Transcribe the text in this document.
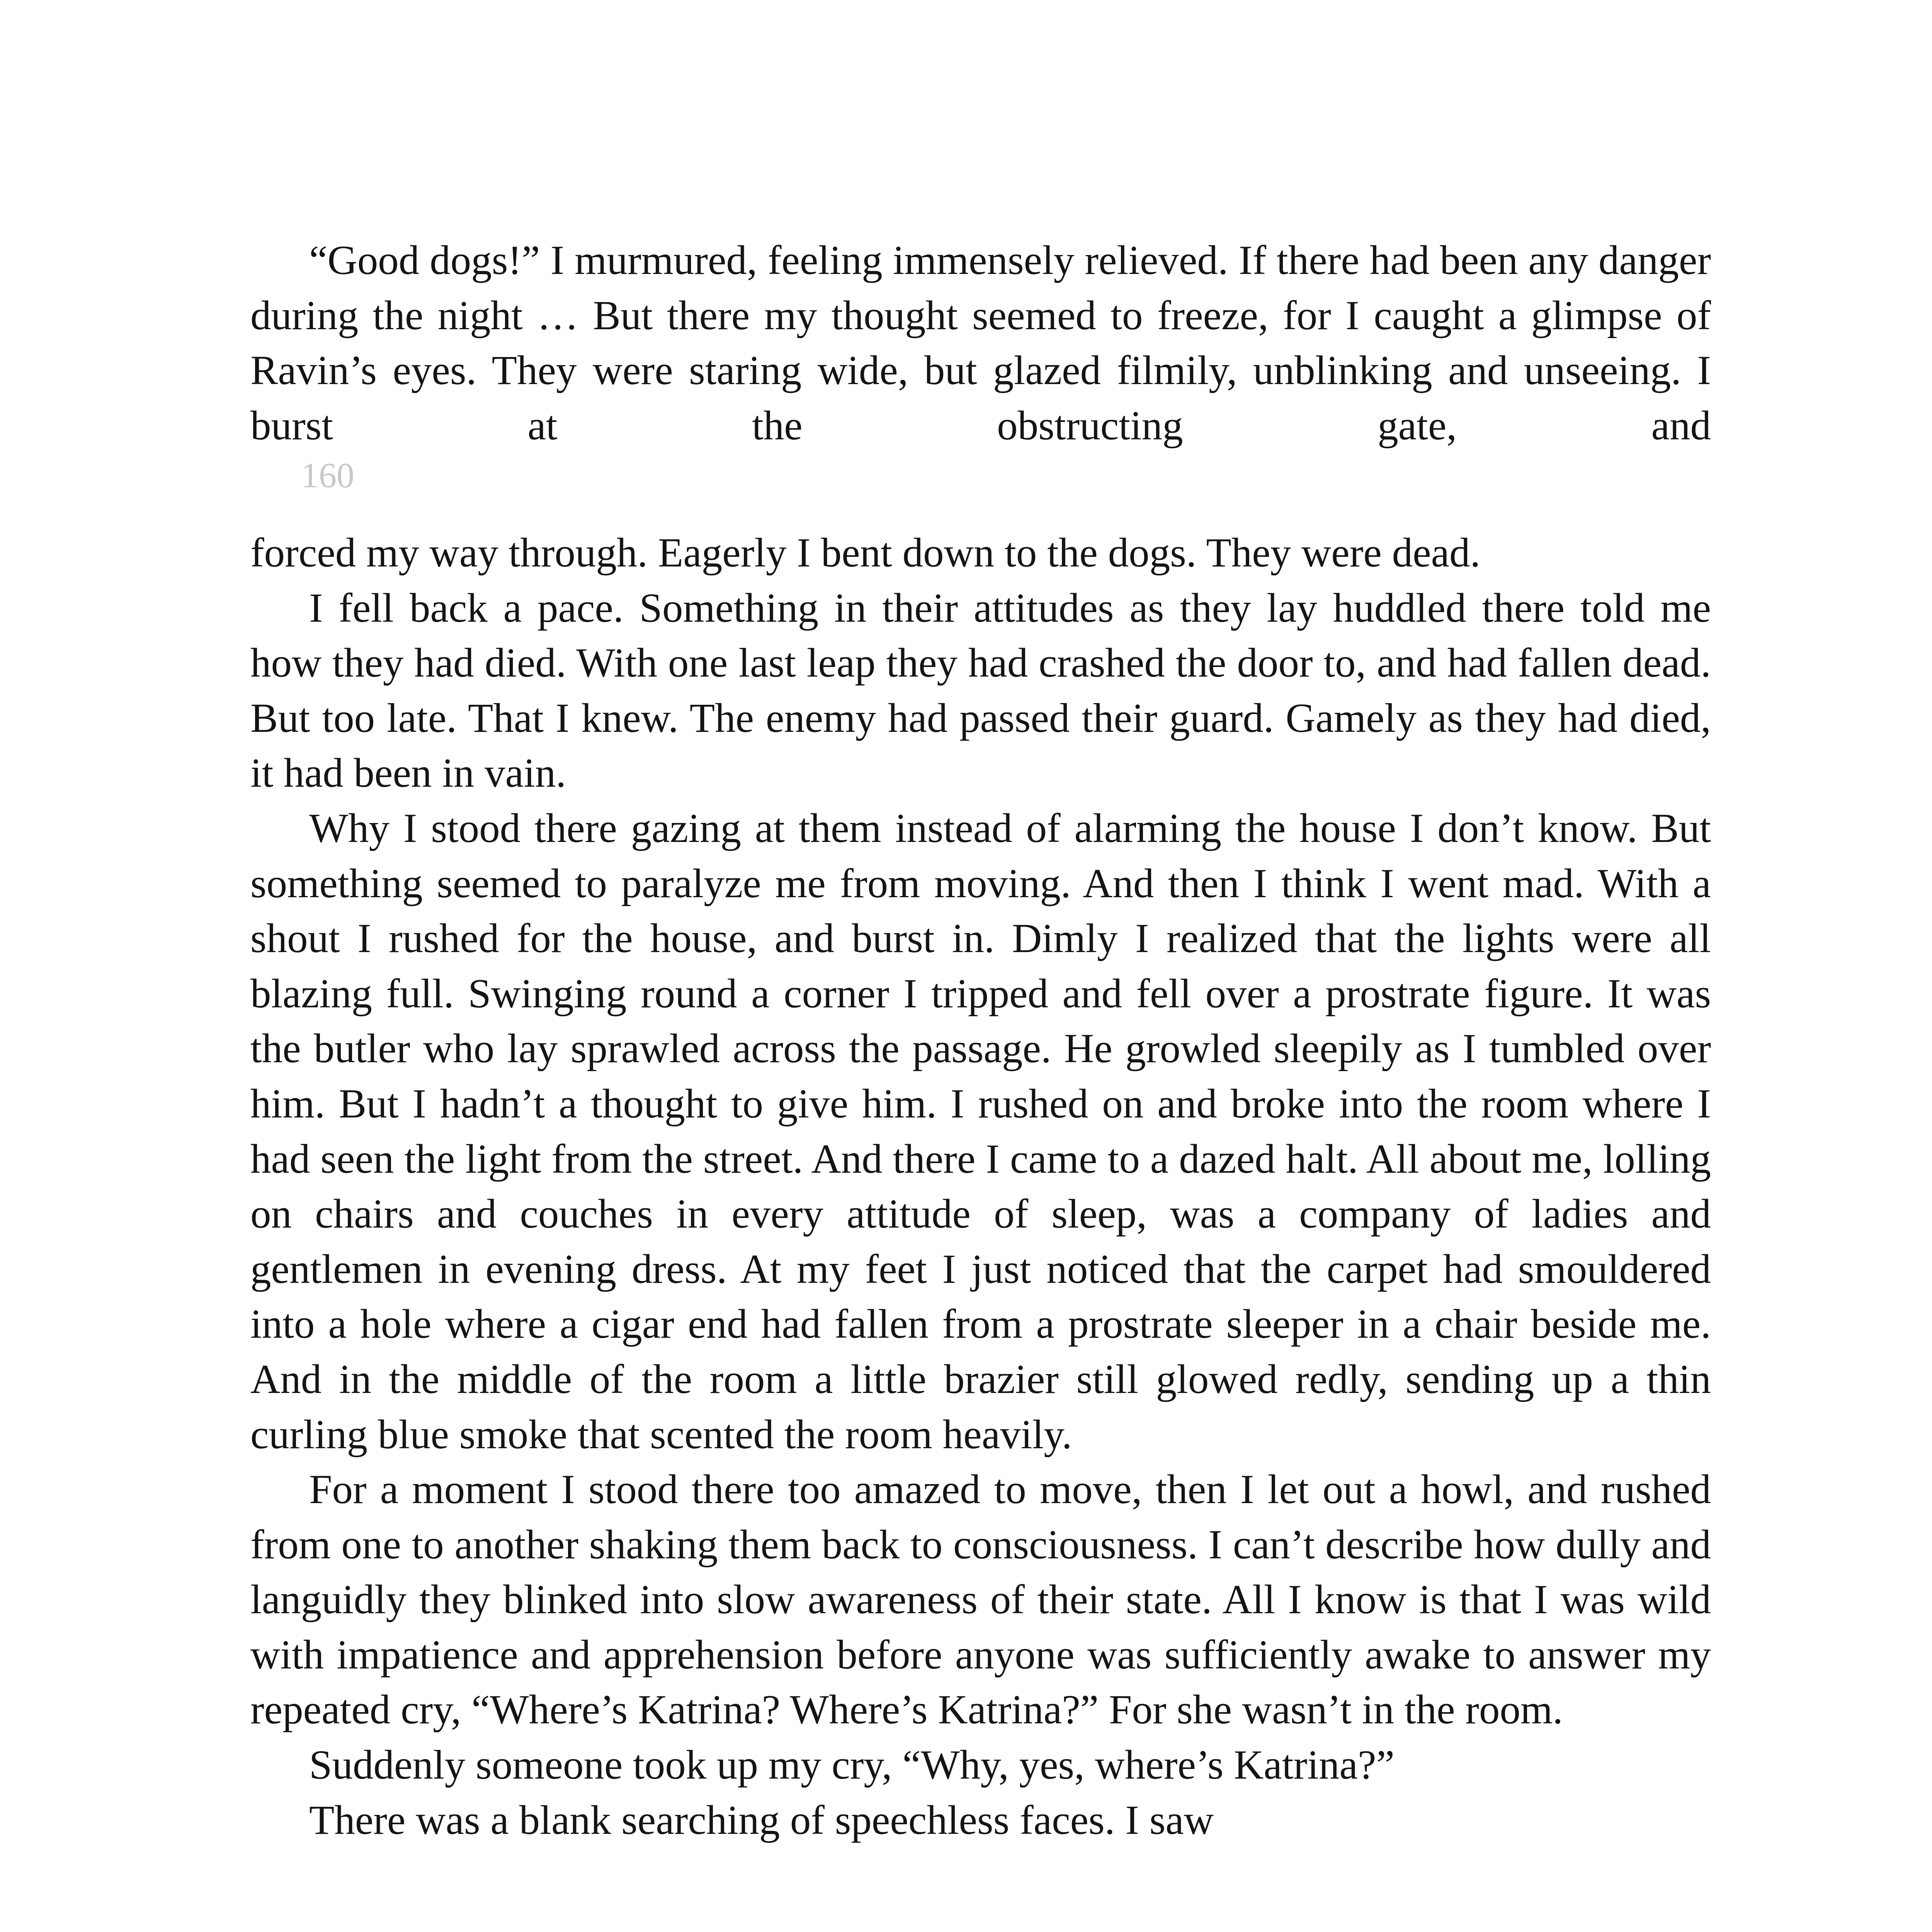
“Good dogs!” I murmured, feeling immensely relieved. If there had been any danger during the night … But there my thought seemed to freeze, for I caught a glimpse of Ravin’s eyes. They were staring wide, but glazed filmily, unblinking and unseeing. I burst at the obstructing gate, and

160

forced my way through. Eagerly I bent down to the dogs. They were dead.

I fell back a pace. Something in their attitudes as they lay huddled there told me how they had died. With one last leap they had crashed the door to, and had fallen dead. But too late. That I knew. The enemy had passed their guard. Gamely as they had died, it had been in vain.

Why I stood there gazing at them instead of alarming the house I don’t know. But something seemed to paralyze me from moving. And then I think I went mad. With a shout I rushed for the house, and burst in. Dimly I realized that the lights were all blazing full. Swinging round a corner I tripped and fell over a prostrate figure. It was the butler who lay sprawled across the passage. He growled sleepily as I tumbled over him. But I hadn’t a thought to give him. I rushed on and broke into the room where I had seen the light from the street. And there I came to a dazed halt. All about me, lolling on chairs and couches in every attitude of sleep, was a company of ladies and gentlemen in evening dress. At my feet I just noticed that the carpet had smouldered into a hole where a cigar end had fallen from a prostrate sleeper in a chair beside me. And in the middle of the room a little brazier still glowed redly, sending up a thin curling blue smoke that scented the room heavily.

For a moment I stood there too amazed to move, then I let out a howl, and rushed from one to another shaking them back to consciousness. I can’t describe how dully and languidly they blinked into slow awareness of their state. All I know is that I was wild with impatience and apprehension before anyone was sufficiently awake to answer my repeated cry, “Where’s Katrina? Where’s Katrina?” For she wasn’t in the room.

Suddenly someone took up my cry, “Why, yes, where’s Katrina?”

There was a blank searching of speechless faces. I saw
